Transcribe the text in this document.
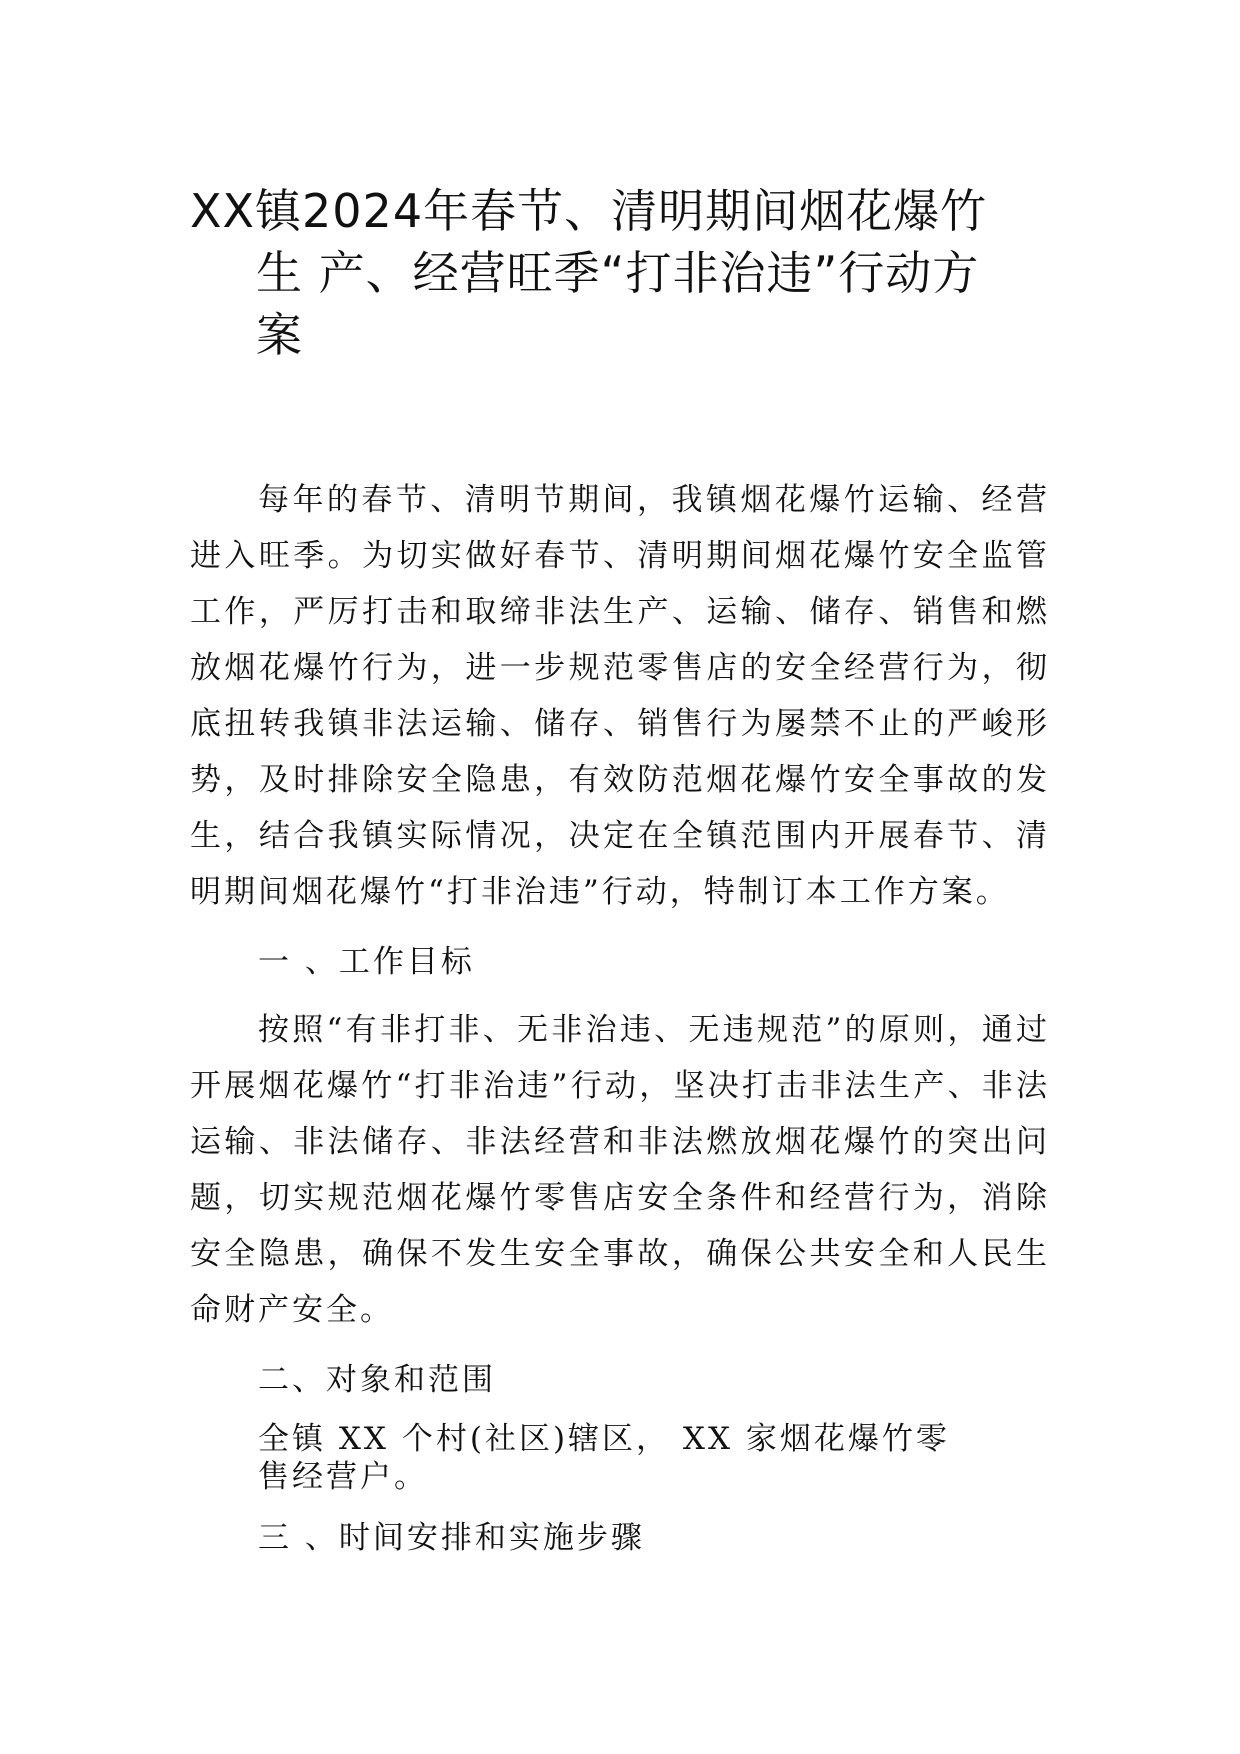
XX镇2024年春节、清明期间烟花爆竹
生 产、经营旺季“打非治违”行动方
案

每年的春节、清明节期间，我镇烟花爆竹运输、经营进入旺季。为切实做好春节、清明期间烟花爆竹安全监管工作，严厉打击和取缔非法生产、运输、储存、销售和燃放烟花爆竹行为，进一步规范零售店的安全经营行为，彻底扭转我镇非法运输、储存、销售行为屡禁不止的严峻形势，及时排除安全隐患，有效防范烟花爆竹安全事故的发生，结合我镇实际情况，决定在全镇范围内开展春节、清明期间烟花爆竹“打非治违”行动，特制订本工作方案。

一 、工作目标

按照“有非打非、无非治违、无违规范”的原则，通过开展烟花爆竹“打非治违”行动，坚决打击非法生产、非法运输、非法储存、非法经营和非法燃放烟花爆竹的突出问题，切实规范烟花爆竹零售店安全条件和经营行为，消除安全隐患，确保不发生安全事故，确保公共安全和人民生命财产安全。

二、对象和范围

全镇 XX 个村(社区)辖区， XX 家烟花爆竹零售经营户。

三 、时间安排和实施步骤
